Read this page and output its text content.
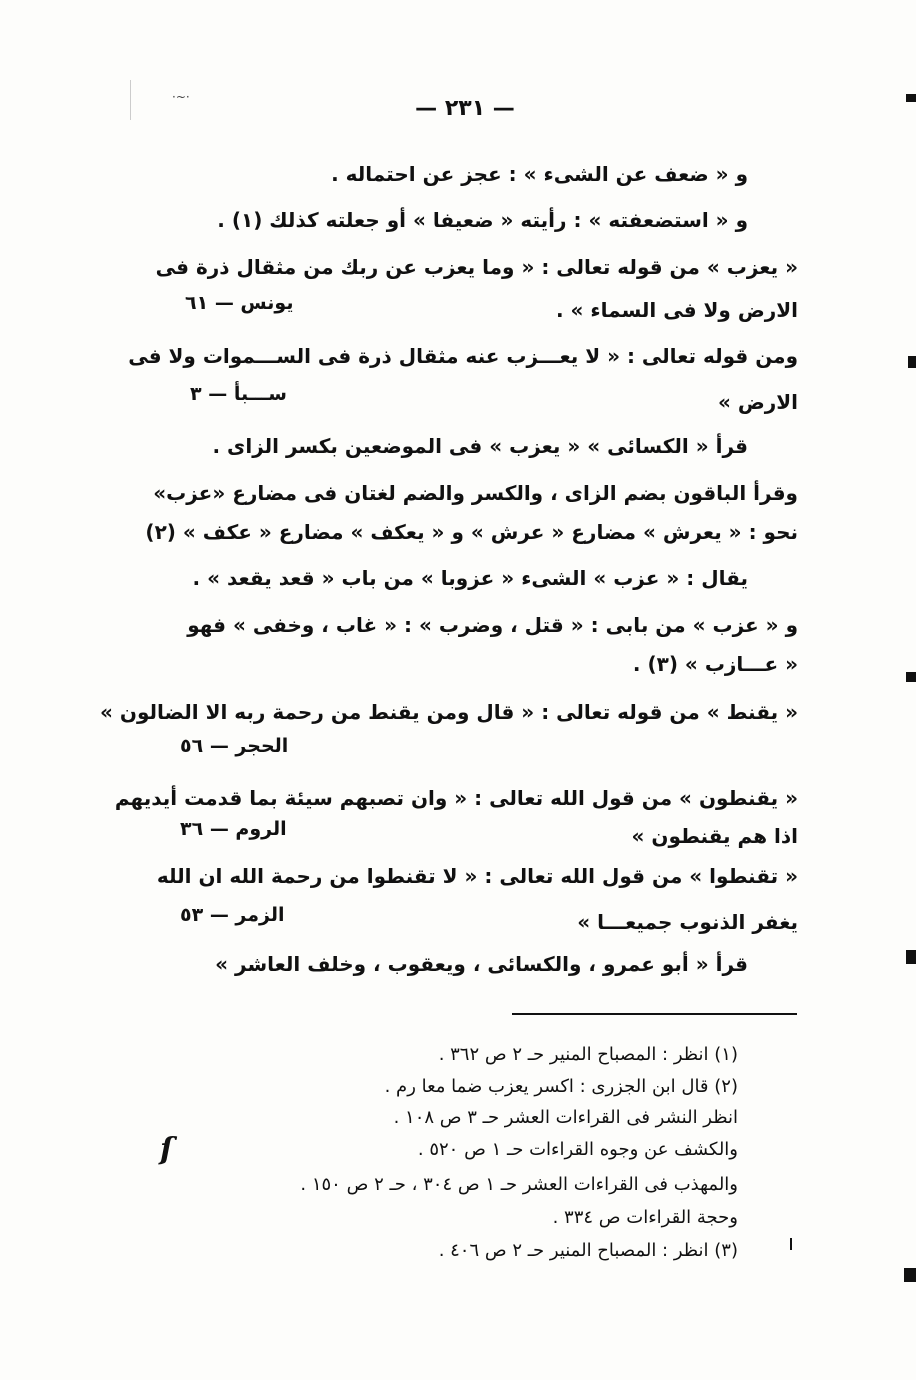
·~·	— ٢٣١ —
و « ضعف عن الشىء » : عجز عن احتماله .
و « استضعفته » : رأيته « ضعيفا » أو جعلته كذلك (١) .
« يعزب » من قوله تعالى : « وما يعزب عن ربك من مثقال ذرة فى
الارض ولا فى السماء » .
يونس — ٦١
ومن قوله تعالى : « لا يعـــزب عنه مثقال ذرة فى الســـموات ولا فى
الارض »
ســـبأ — ٣
قرأ « الكسائى » « يعزب » فى الموضعين بكسر الزاى .
وقرأ الباقون بضم الزاى ، والكسر والضم لغتان فى مضارع «عزب»
نحو : « يعرش » مضارع « عرش » و « يعكف » مضارع « عكف » (٢)
يقال : « عزب » الشىء « عزوبا » من باب « قعد يقعد » .
و « عزب » من بابى : « قتل ، وضرب » : « غاب ، وخفى » فهو
« عـــازب » (٣) .
« يقنط » من قوله تعالى : « قال ومن يقنط من رحمة ربه الا الضالون »
الحجر — ٥٦
« يقنطون » من قول الله تعالى : « وان تصبهم سيئة بما قدمت أيديهم
اذا هم يقنطون »
الروم — ٣٦
« تقنطوا » من قول الله تعالى : « لا تقنطوا من رحمة الله ان الله
يغفر الذنوب جميعـــا »
الزمر — ٥٣
قرأ « أبو عمرو ، والكسائى ، ويعقوب ، وخلف العاشر »
(١) انظر : المصباح المنير حـ ٢ ص ٣٦٢ .
(٢) قال ابن الجزرى : اكسر يعزب ضما معا رم .
انظر النشر فى القراءات العشر حـ ٣ ص ١٠٨ .
والكشف عن وجوه القراءات حـ ١ ص ٥٢٠ .
والمهذب فى القراءات العشر حـ ١ ص ٣٠٤ ، حـ ٢ ص ١٥٠ .
وحجة القراءات ص ٣٣٤ .
(٣) انظر : المصباح المنير حـ ٢ ص ٤٠٦ .
ſ
